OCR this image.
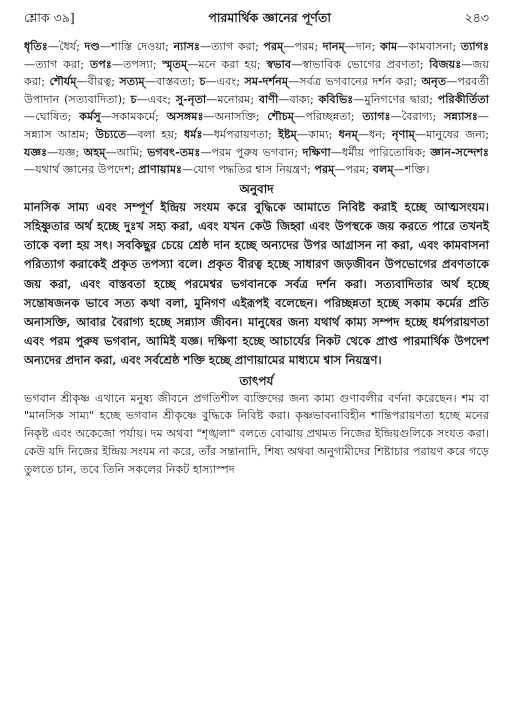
শ্লোক ৩৯]	পারমার্থিক জ্ঞানের পূর্ণতা	২৪৩

ধৃতিঃ—ধৈর্য; দণ্ড—শাস্তি দেওয়া; ন্যাসঃ—ত্যাগ করা; পরম্—পরম; দানম্—দান; কাম—কামবাসনা; ত্যাগঃ—ত্যাগ করা; তপঃ—তপস্যা; স্মৃতম্—মনে করা হয়; স্বভাব—স্বাভাবিক ভোগের প্রবণতা; বিজয়ঃ—জয় করা; শৌর্যম্—বীরত্ব; সত্যম্—বাস্তবতা; চ—এবং; সম-দর্শনম্—সর্বত্র ভগবানের দর্শন করা; অনৃত—পরবর্তী উপাদান (সত্যবাদিতা); চ—এবং; সু-নৃতা—মনোরম; বাণী—বাক্য; কবিভিঃ—মুনিগণের দ্বারা; পরিকীর্তিতা—ঘোষিত; কর্মসু—সকামকর্মে; অসঙ্গমঃ—অনাসক্তি; শৌচম্—পরিচ্ছন্নতা; ত্যাগঃ—বৈরাগ্য; সন্ন্যাসঃ—সন্ন্যাস আশ্রম; উচ্যতে—বলা হয়; ধর্মঃ—ধর্মপরায়ণতা; ইষ্টম্—কাম্য; ধনম্—ধন; নৃণাম্—মানুষের জন্য; যজ্ঞঃ—যজ্ঞ; অহম্—আমি; ভগবৎ-তমঃ—পরম পুরুষ ভগবান; দক্ষিণা—ধর্মীয় পারিতোষিক; জ্ঞান-সন্দেশঃ—যথার্থ জ্ঞানের উপদেশ; প্রাণায়ামঃ—যোগ পদ্ধতির শ্বাস নিয়ন্ত্রণ; পরম্—পরম; বলম্—শক্তি।

অনুবাদ

মানসিক সাম্য এবং সম্পূর্ণ ইন্দ্রিয় সংযম করে বুদ্ধিকে আমাতে নিবিষ্ট করাই হচ্ছে আত্মসংযম। সহিষ্ণুতার অর্থ হচ্ছে দুঃখ সহ্য করা, এবং যখন কেউ জিহ্বা এবং উপস্থকে জয় করতে পারে তখনই তাকে বলা হয় সৎ। সবকিছুর চেয়ে শ্রেষ্ঠ দান হচ্ছে অন্যদের উপর আগ্রাসন না করা, এবং কামবাসনা পরিত্যাগ করাকেই প্রকৃত তপস্যা বলে। প্রকৃত বীরত্ব হচ্ছে সাধারণ জড়জীবন উপভোগের প্রবণতাকে জয় করা, এবং বাস্তবতা হচ্ছে পরমেশ্বর ভগবানকে সর্বত্র দর্শন করা। সত্যবাদিতার অর্থ হচ্ছে সন্তোষজনক ভাবে সত্য কথা বলা, মুনিগণ এইরূপই বলেছেন। পরিচ্ছন্নতা হচ্ছে সকাম কর্মের প্রতি অনাসক্তি, আবার বৈরাগ্য হচ্ছে সন্ন্যাস জীবন। মানুষের জন্য যথার্থ কাম্য সম্পদ হচ্ছে ধর্মপরায়ণতা এবং পরম পুরুষ ভগবান, আমিই যজ্ঞ। দক্ষিণা হচ্ছে আচার্যের নিকট থেকে প্রাপ্ত পারমার্থিক উপদেশ অন্যদের প্রদান করা, এবং সর্বশ্রেষ্ঠ শক্তি হচ্ছে প্রাণায়ামের মাধ্যমে শ্বাস নিয়ন্ত্রণ।

তাৎপর্য

ভগবান শ্রীকৃষ্ণ এখানে মনুষ্য জীবনে প্রগতিশীল ব্যক্তিদের জন্য কাম্য গুণাবলীর বর্ণনা করেছেন। শম বা "মানসিক সাম্য" হচ্ছে ভগবান শ্রীকৃষ্ণে বুদ্ধিকে নিবিষ্ট করা। কৃষ্ণভাবনাবিহীন শান্তিপরায়ণতা হচ্ছে মনের নিকৃষ্ট এবং অকেজো পর্যায়। দম অথবা "শৃঙ্খলা" বলতে বোঝায় প্রথমত নিজের ইন্দ্রিয়গুলিকে সংযত করা। কেউ যদি নিজের ইন্দ্রিয় সংযম না করে, তাঁর সন্তানাদি, শিষ্য অথবা অনুগামীদের শিষ্টাচার পরায়ণ করে গড়ে তুলতে চান, তবে তিনি সকলের নিকট হাস্যাস্পদ
